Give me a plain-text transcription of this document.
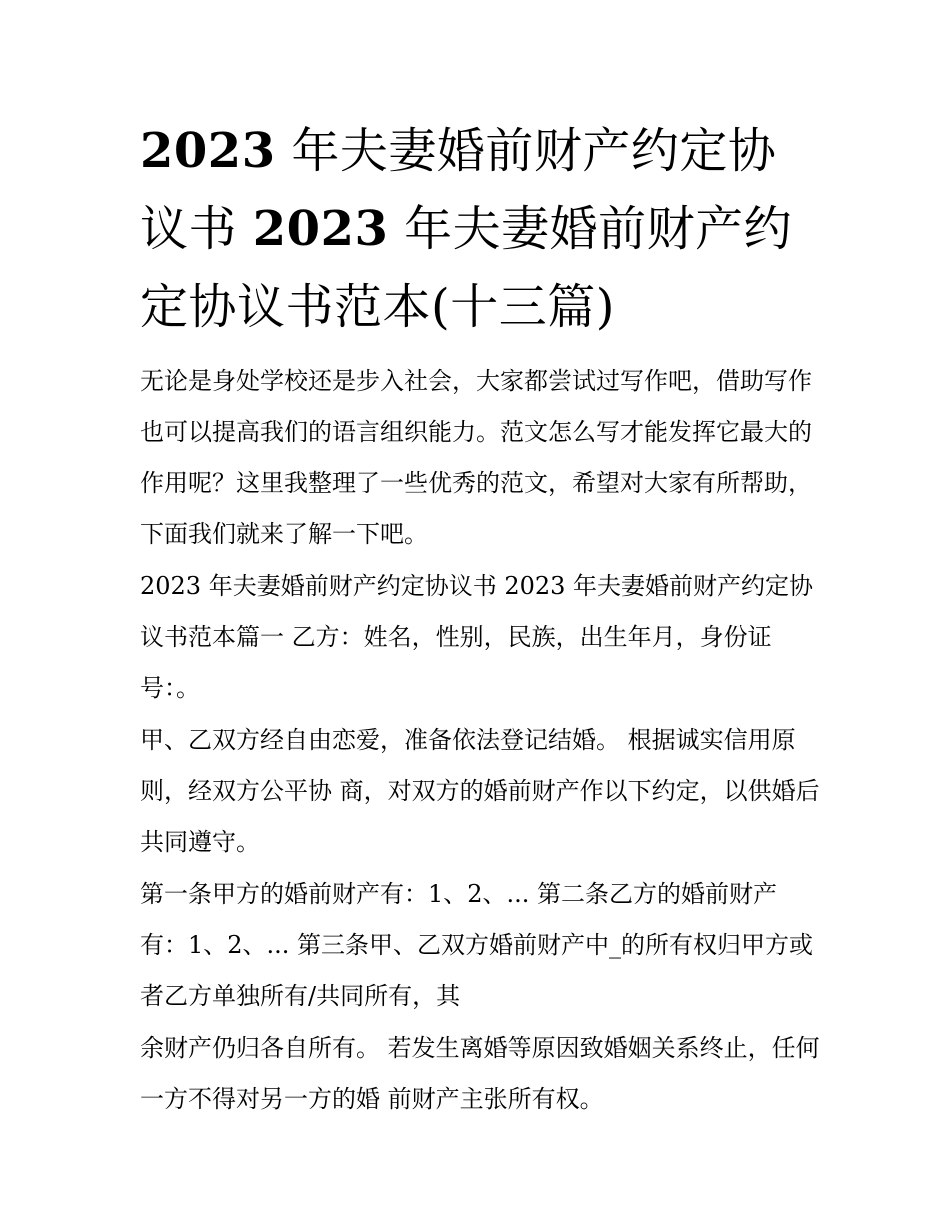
2023 年夫妻婚前财产约定协议书 2023 年夫妻婚前财产约定协议书范本(十三篇)

无论是身处学校还是步入社会，大家都尝试过写作吧，借助写作也可以提高我们的语言组织能力。范文怎么写才能发挥它最大的作用呢？这里我整理了一些优秀的范文，希望对大家有所帮助，下面我们就来了解一下吧。

2023 年夫妻婚前财产约定协议书 2023 年夫妻婚前财产约定协议书范本篇一 乙方：姓名，性别，民族，出生年月，身份证号：。

甲、乙双方经自由恋爱，准备依法登记结婚。 根据诚实信用原则，经双方公平协 商，对双方的婚前财产作以下约定，以供婚后共同遵守。

第一条甲方的婚前财产有：1、2、... 第二条乙方的婚前财产有：1、2、... 第三条甲、乙双方婚前财产中_的所有权归甲方或者乙方单独所有/共同所有，其

余财产仍归各自所有。 若发生离婚等原因致婚姻关系终止，任何一方不得对另一方的婚 前财产主张所有权。
